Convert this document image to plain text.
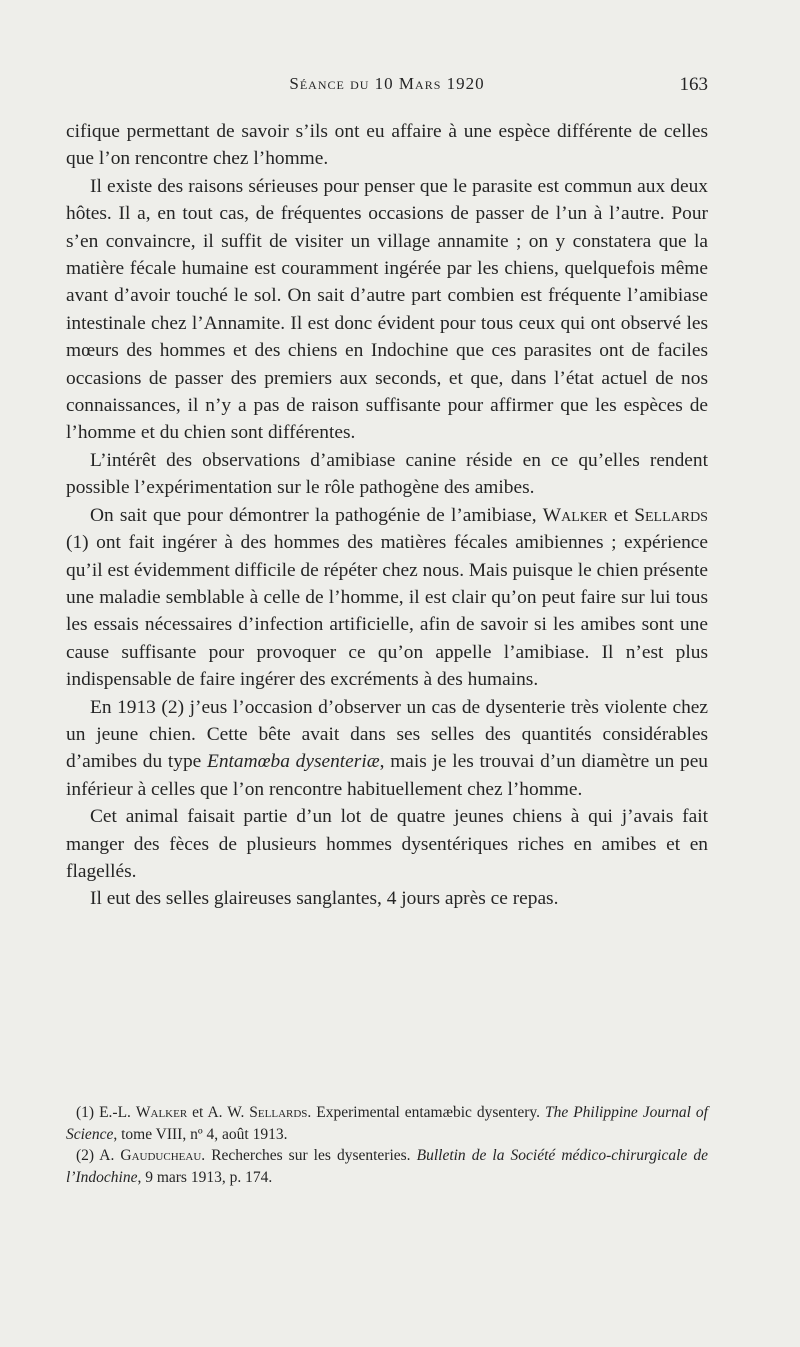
Séance du 10 Mars 1920	163

cifique permettant de savoir s’ils ont eu affaire à une espèce différente de celles que l’on rencontre chez l’homme.

Il existe des raisons sérieuses pour penser que le parasite est commun aux deux hôtes. Il a, en tout cas, de fréquentes occasions de passer de l’un à l’autre. Pour s’en convaincre, il suffit de visiter un village annamite ; on y constatera que la matière fécale humaine est couramment ingérée par les chiens, quelquefois même avant d’avoir touché le sol. On sait d’autre part combien est fréquente l’amibiase intestinale chez l’Annamite. Il est donc évident pour tous ceux qui ont observé les mœurs des hommes et des chiens en Indochine que ces parasites ont de faciles occasions de passer des premiers aux seconds, et que, dans l’état actuel de nos connaissances, il n’y a pas de raison suffisante pour affirmer que les espèces de l’homme et du chien sont différentes.

L’intérêt des observations d’amibiase canine réside en ce qu’elles rendent possible l’expérimentation sur le rôle pathogène des amibes.

On sait que pour démontrer la pathogénie de l’amibiase, Walker et Sellards (1) ont fait ingérer à des hommes des matières fécales amibiennes ; expérience qu’il est évidemment difficile de répéter chez nous. Mais puisque le chien présente une maladie semblable à celle de l’homme, il est clair qu’on peut faire sur lui tous les essais nécessaires d’infection artificielle, afin de savoir si les amibes sont une cause suffisante pour provoquer ce qu’on appelle l’amibiase. Il n’est plus indispensable de faire ingérer des excréments à des humains.

En 1913 (2) j’eus l’occasion d’observer un cas de dysenterie très violente chez un jeune chien. Cette bête avait dans ses selles des quantités considérables d’amibes du type Entamœba dysenteriæ, mais je les trouvai d’un diamètre un peu inférieur à celles que l’on rencontre habituellement chez l’homme.

Cet animal faisait partie d’un lot de quatre jeunes chiens à qui j’avais fait manger des fèces de plusieurs hommes dysentériques riches en amibes et en flagellés.

Il eut des selles glaireuses sanglantes, 4 jours après ce repas.

(1) E.-L. Walker et A. W. Sellards. Experimental entamæbic dysentery. The Philippine Journal of Science, tome VIII, nº 4, août 1913.

(2) A. Gauducheau. Recherches sur les dysenteries. Bulletin de la Société médico-chirurgicale de l’Indochine, 9 mars 1913, p. 174.
